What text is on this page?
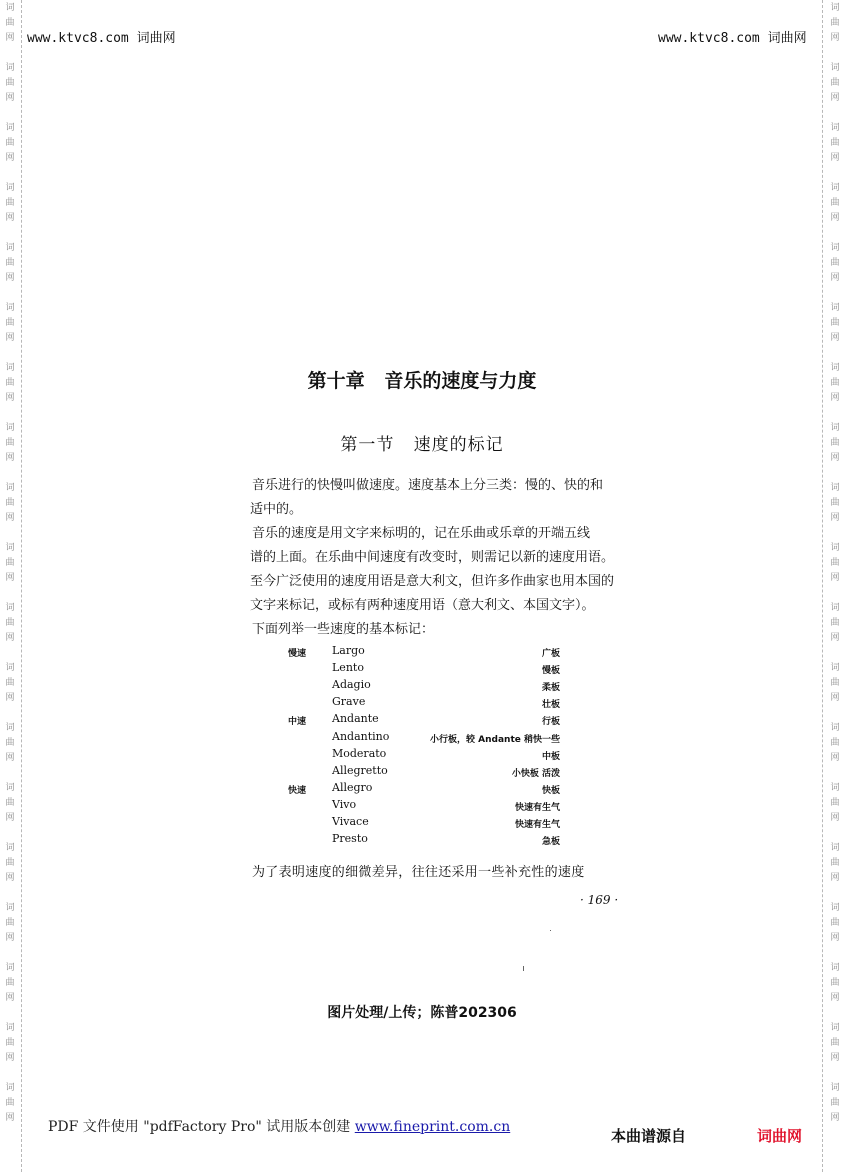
词
曲
网
词
曲
网
词
曲
网
词
曲
网
词
曲
网
词
曲
网
词
曲
网
词
曲
网
词
曲
网
词
曲
网
词
曲
网
词
曲
网
词
曲
网
词
曲
网
词
曲
网
词
曲
网
词
曲
网
词
曲
网
词
曲
网
词
曲
网
词
曲
网
词
曲
网
词
曲
网
词
曲
网
词
曲
网
词
曲
网
词
曲
网
词
曲
网
词
曲
网
词
曲
网
词
曲
网
词
曲
网
词
曲
网
词
曲
网
词
曲
网
词
曲
网
词
曲
网
词
曲
网
www.ktvc8.com 词曲网	www.ktvc8.com 词曲网
第十章   音乐的速度与力度
第一节   速度的标记
音乐进行的快慢叫做速度。速度基本上分三类：慢的、快的和
适中的。
音乐的速度是用文字来标明的，记在乐曲或乐章的开端五线
谱的上面。在乐曲中间速度有改变时，则需记以新的速度用语。
至今广泛使用的速度用语是意大利文，但许多作曲家也用本国的
文字来标记，或标有两种速度用语（意大利文、本国文字）。
下面列举一些速度的基本标记：
慢速 Largo	广板
Lento	慢板
Adagio	柔板
Grave	壮板
中速 Andante	行板
Andantino	小行板，较 Andante 稍快一些
Moderato	中板
Allegretto	小快板 活泼
快速 Allegro	快板
Vivo	快速有生气
Vivace	快速有生气
Presto	急板
为了表明速度的细微差异，往往还采用一些补充性的速度
· 169 ·
图片处理/上传；陈普202306
PDF 文件使用 "pdfFactory Pro" 试用版本创建 www.fineprint.com.cn	本曲谱源自	词曲网
